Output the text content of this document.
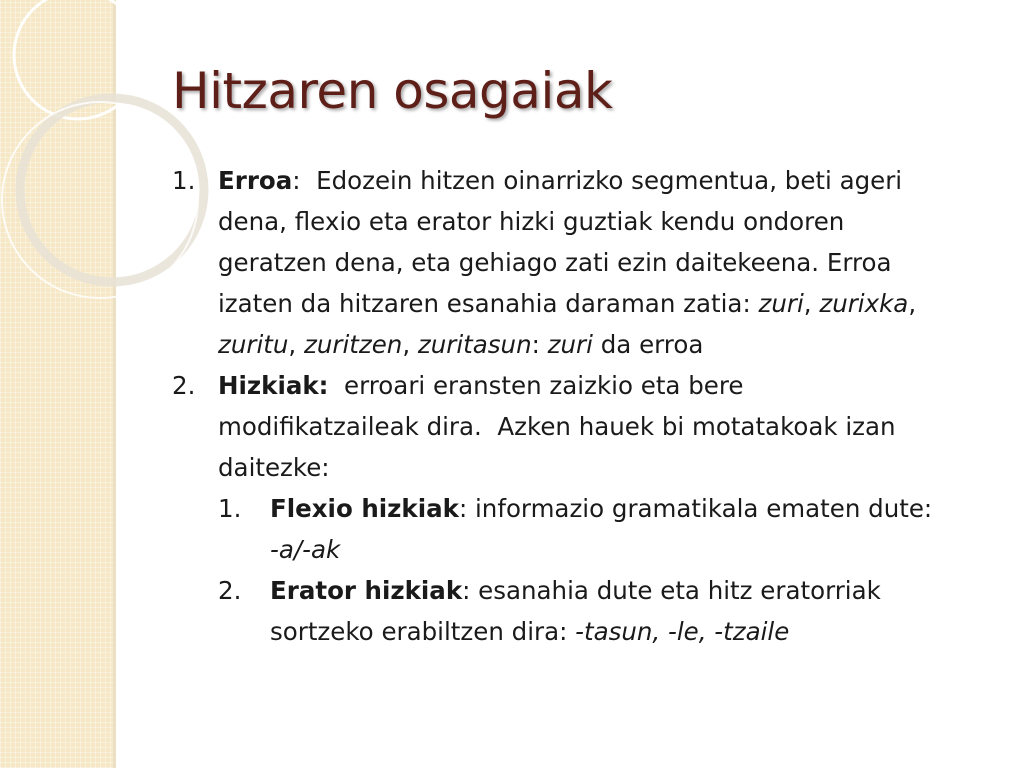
Hitzaren osagaiak
1. Erroa:  Edozein hitzen oinarrizko segmentua, beti ageri dena, flexio eta erator hizki guztiak kendu ondoren geratzen dena, eta gehiago zati ezin daitekeena. Erroa izaten da hitzaren esanahia daraman zatia: zuri, zurixka, zuritu, zuritzen, zuritasun: zuri da erroa
2. Hizkiak:  erroari eransten zaizkio eta bere modifikatzaileak dira.  Azken hauek bi motatakoak izan daitezke:
1. Flexio hizkiak: informazio gramatikala ematen dute: -a/-ak
2. Erator hizkiak: esanahia dute eta hitz eratorriak sortzeko erabiltzen dira: -tasun, -le, -tzaile
